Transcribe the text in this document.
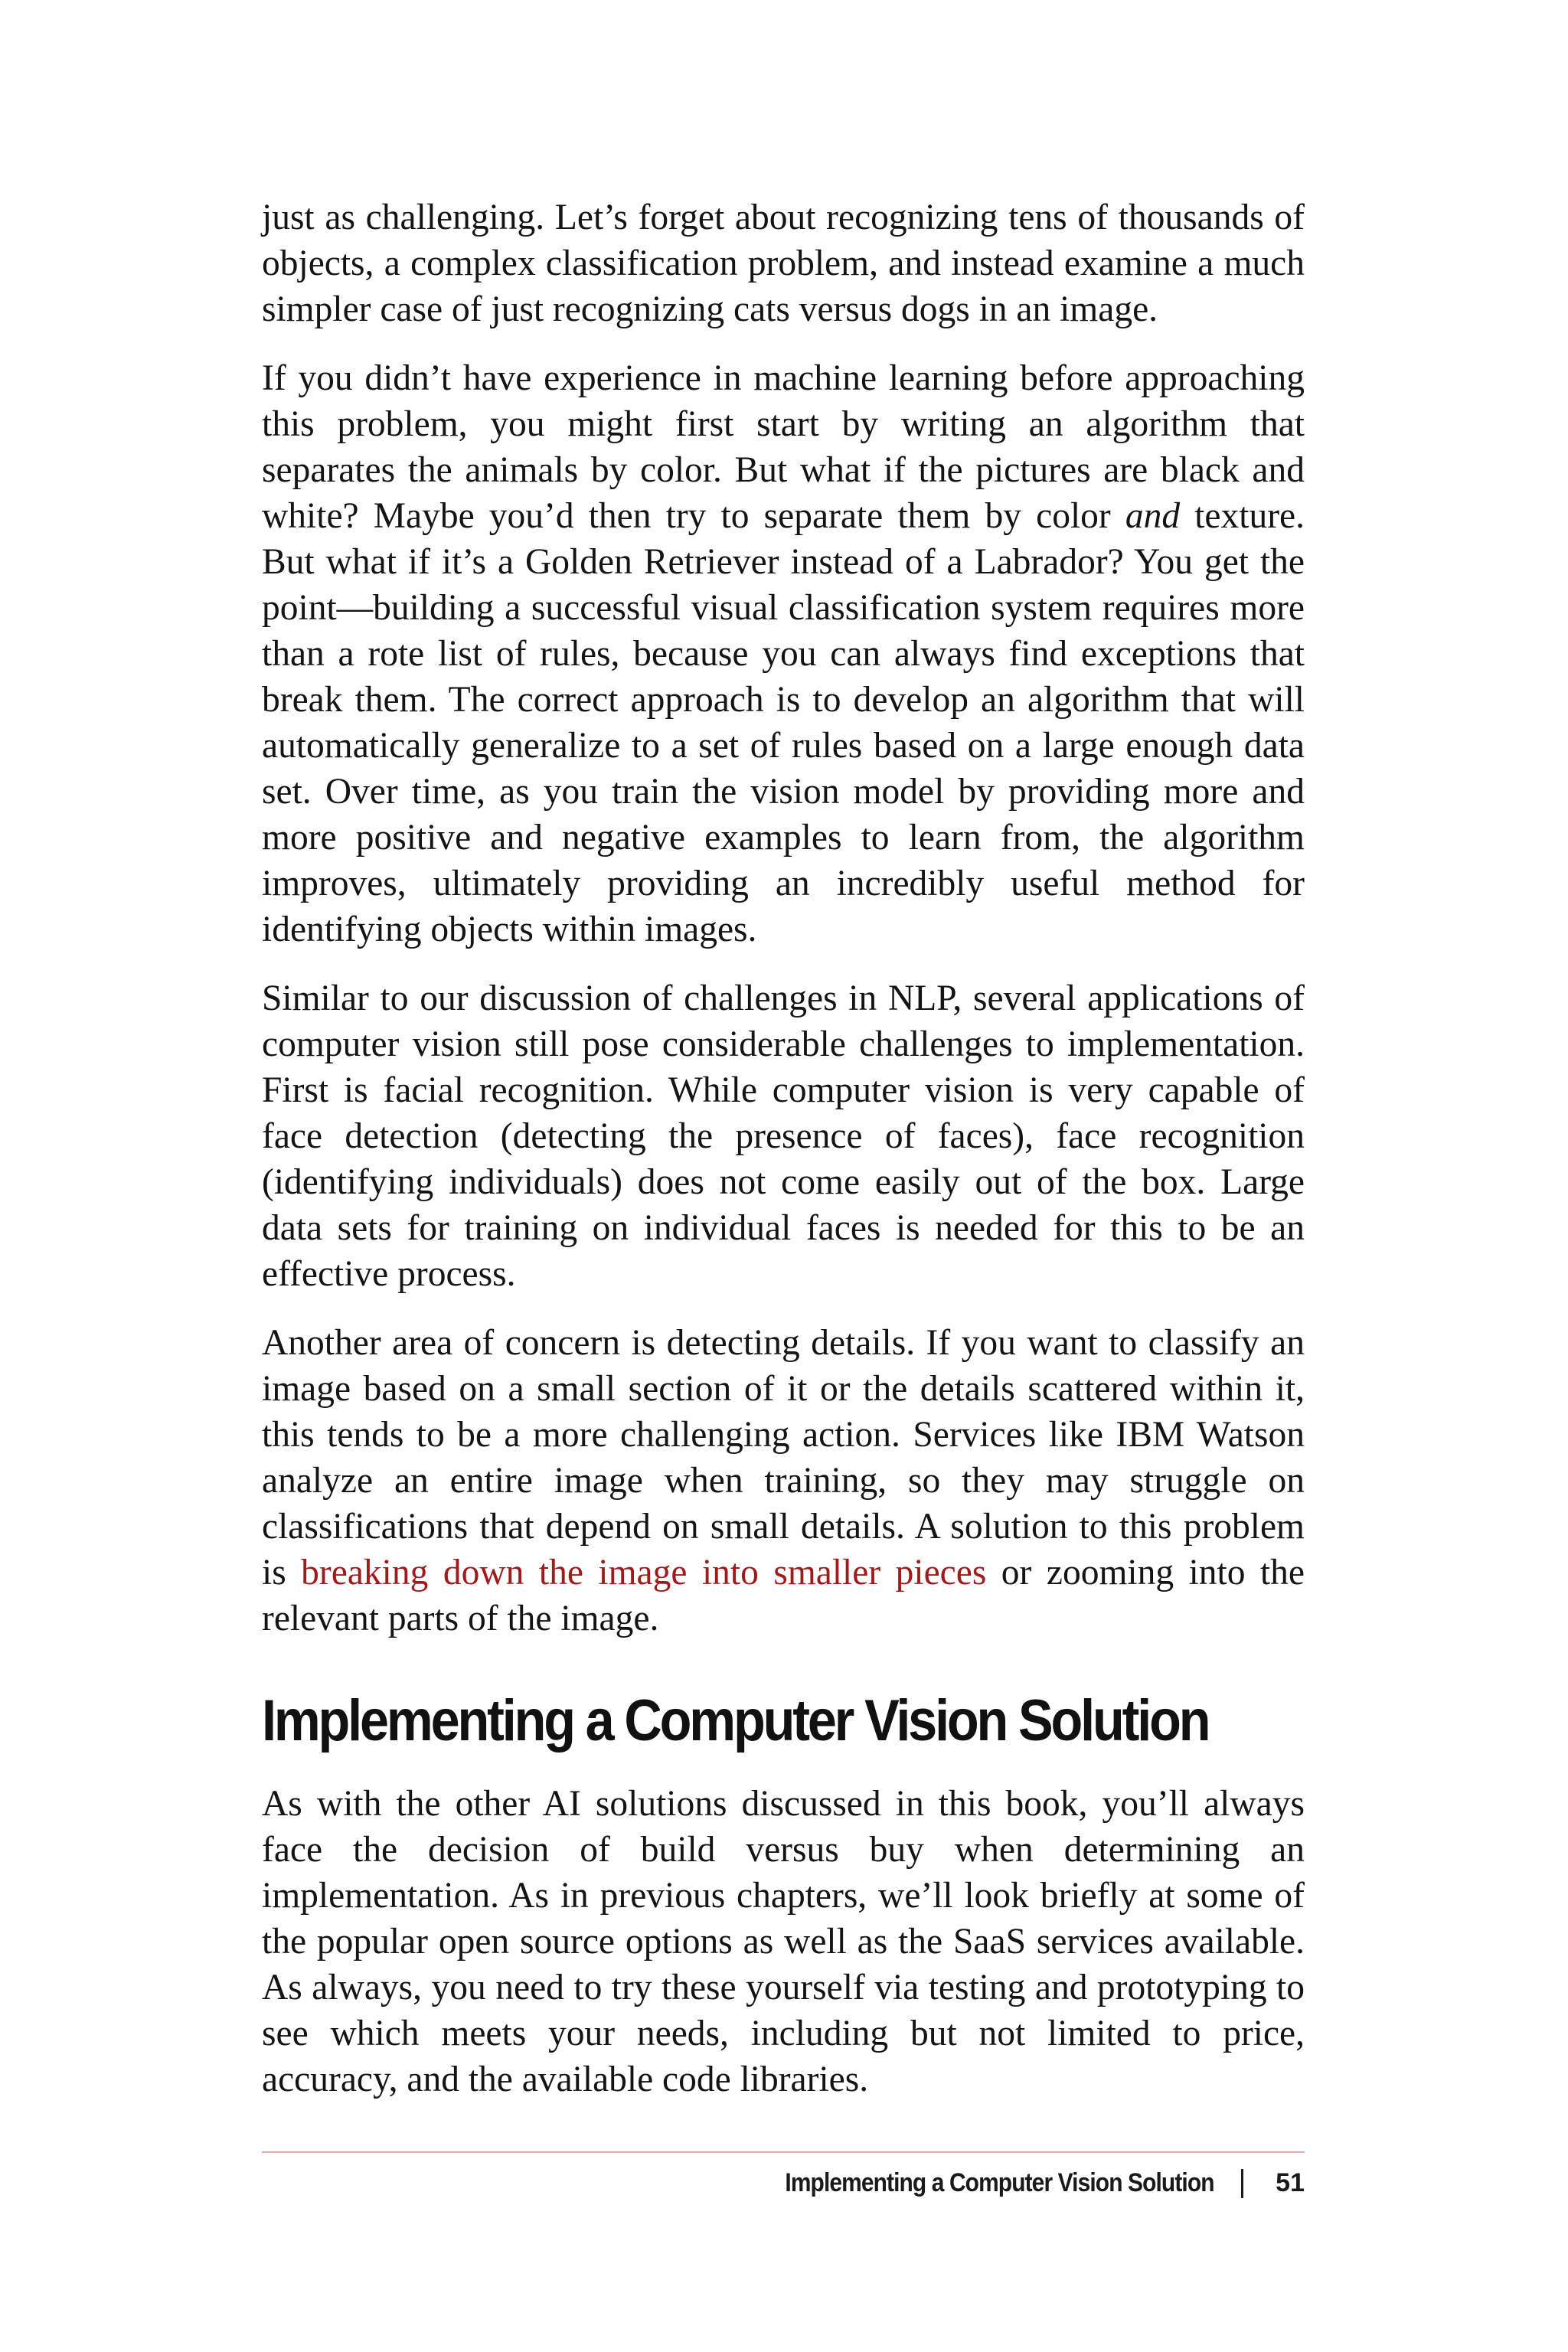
just as challenging. Let’s forget about recognizing tens of thousands of objects, a complex classification problem, and instead examine a much simpler case of just recognizing cats versus dogs in an image.

If you didn’t have experience in machine learning before approaching this problem, you might first start by writing an algorithm that separates the animals by color. But what if the pictures are black and white? Maybe you’d then try to separate them by color and texture. But what if it’s a Golden Retriever instead of a Labrador? You get the point—building a successful visual classification system requires more than a rote list of rules, because you can always find exceptions that break them. The correct approach is to develop an algorithm that will automatically generalize to a set of rules based on a large enough data set. Over time, as you train the vision model by providing more and more positive and negative examples to learn from, the algorithm improves, ultimately providing an incredibly useful method for identifying objects within images.

Similar to our discussion of challenges in NLP, several applications of computer vision still pose considerable challenges to implementation. First is facial recognition. While computer vision is very capable of face detection (detecting the presence of faces), face recognition (identifying individuals) does not come easily out of the box. Large data sets for training on individual faces is needed for this to be an effective process.

Another area of concern is detecting details. If you want to classify an image based on a small section of it or the details scattered within it, this tends to be a more challenging action. Services like IBM Watson analyze an entire image when training, so they may struggle on classifications that depend on small details. A solution to this problem is breaking down the image into smaller pieces or zooming into the relevant parts of the image.

Implementing a Computer Vision Solution

As with the other AI solutions discussed in this book, you’ll always face the decision of build versus buy when determining an implementation. As in previous chapters, we’ll look briefly at some of the popular open source options as well as the SaaS services available. As always, you need to try these yourself via testing and prototyping to see which meets your needs, including but not limited to price, accuracy, and the available code libraries.

Implementing a Computer Vision Solution 51
